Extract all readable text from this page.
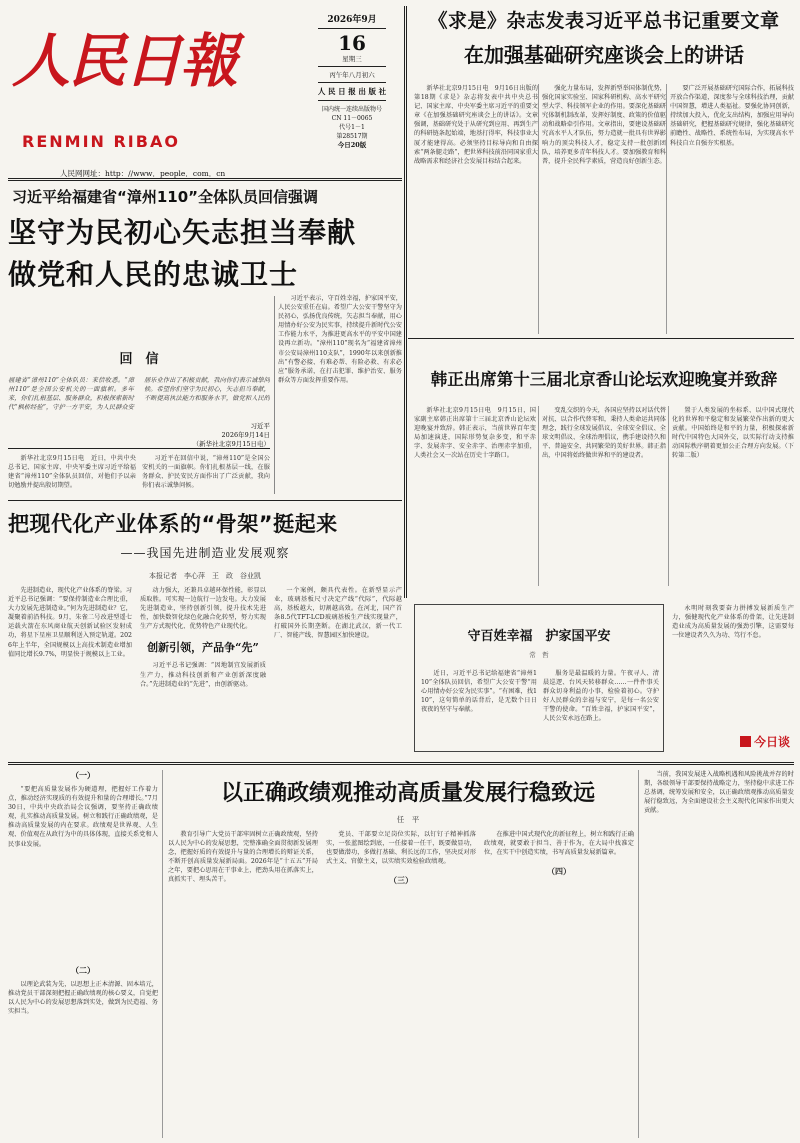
人民日報
RENMIN RIBAO
人民网网址：http：//www．people．com．cn
2026年9月
16
星期三
丙午年八月初六
人 民 日 报 出 版 社
国内统一连续出版物号
CN 11－0065
代号1－1
第28517期
今日20版
《求是》杂志发表习近平总书记重要文章
在加强基础研究座谈会上的讲话

新华社北京9月15日电　9月16日出版的第18期《求是》杂志将发表中共中央总书记、国家主席、中央军委主席习近平的重要文章《在加强基础研究座谈会上的讲话》。文章强调，基础研究处于从研究到应用、再到生产的科研链条起始端，地基打得牢，科技事业大厦才能建得高。必须坚持目标导向和自由探索“两条腿走路”，把世界科技前沿同国家重大战略需求和经济社会发展目标结合起来。

强化力量布局，发挥新型举国体制优势，强化国家实验室、国家科研机构、高水平研究型大学、科技领军企业的作用。要深化基础研究体制机制改革，发挥好制度、政策的价值驱动和战略牵引作用。文章指出，要建设基础研究高水平人才队伍，努力造就一批具有世界影响力的顶尖科技人才，稳定支持一批创新团队，培养更多青年科技人才。要加强教育和科普，提升全民科学素质，营造良好创新生态。

要广泛开展基础研究国际合作，拓展科技开放合作渠道，深度参与全球科技治理，贡献中国智慧，增进人类福祉。要强化协同创新，持续加大投入，优化支出结构，加强应用导向基础研究，把握基础研究规律，强化基础研究前瞻性、战略性、系统性布局，为实现高水平科技自立自强夯实根基。

习近平给福建省“漳州110”全体队员回信强调
坚守为民初心矢志担当奉献
做党和人民的忠诚卫士
回　信
福建省“漳州110”全体队员：来信收悉。“漳州110”是全国公安机关的一面旗帜。多年来，你们扎根基层、服务群众，积极探索新时代“枫桥经验”，守护一方平安，为人民群众安居乐业作出了积极贡献，我向你们表示诚挚问候。希望你们坚守为民初心，矢志担当奉献，不断提高执法能力和服务水平，做党和人民的
习近平
2026年9月14日
（新华社北京9月15日电）

新华社北京9月15日电　近日，中共中央总书记、国家主席、中央军委主席习近平给福建省“漳州110”全体队员回信，对他们予以亲切勉励并提出殷切期望。

习近平在回信中说，“漳州110”是全国公安机关的一面旗帜。你们扎根基层一线，在服务群众、护民安民方面作出了广泛贡献，我向你们表示诚挚问候。

习近平表示，守百姓幸福，护家国平安，人民公安重任在肩。希望广大公安干警坚守为民初心，弘扬优良传统，矢志担当奉献，用心用情办好公安为民实事，持续提升新时代公安工作能力水平，为推进更高水平的平安中国建设再立新功。“漳州110”现名为“福建省漳州市公安局漳州110支队”，1990年以来创新推出“有警必接、有难必帮、有险必救、有求必应”服务承诺，在打击犯罪、维护治安、服务群众等方面发挥重要作用。

把现代化产业体系的“骨架”挺起来
——我国先进制造业发展观察
本报记者　李心萍　王　政　谷业凯

先进制造业，现代化产业体系的脊梁。习近平总书记强调：“要保持制造业合理比重，大力发展先进制造业。”何为先进制造业？它，凝聚着前沿科技。9月，朱雀二号改进型遥七运载火箭在东风商业航天创新试验区发射成功，将星下星座卫星顺利送入预定轨道。2026年上半年，全国规模以上高技术制造业增加值同比增长9.7%，明显快于规模以上工业。

动力强大，还兼具卓越环保性能，彰显以质取胜。可实现一边航行一边发电。大力发展先进制造业，坚持创新引领，提升技术先进性，加快数智化绿色化融合化转型，努力实现生产方式现代化、优势特色产业现代化。

创新引领，产品争“先”

习近平总书记强调：“因地制宜发展新质生产力，推动科技创新和产业创新深度融合。”先进制造业的“先进”，由创新驱动。

一个案例，颇具代表性。在新型显示产业，玻璃基板尺寸决定产线“代际”，代际越高，基板越大，切割越高效。在河北，国产首条8.5代TFT-LCD玻璃基板生产线实现量产，打破国外长期垄断。在湖北武汉，新一代工厂、智能产线、智慧园区加快建设。

韩正出席第十三届北京香山论坛欢迎晚宴并致辞

新华社北京9月15日电　9月15日，国家副主席韩正出席第十三届北京香山论坛欢迎晚宴并致辞。韩正表示，当前世界百年变局加速演进，国际形势复杂多变，和平赤字、发展赤字、安全赤字、治理赤字加重，人类社会又一次站在历史十字路口。

变乱交织的今天，各国应坚持以对话代替对抗、以合作代替零和，秉持人类命运共同体理念，践行全球发展倡议、全球安全倡议、全球文明倡议、全球治理倡议，携手建设持久和平、普遍安全、共同繁荣的美好世界。韩正指出，中国将始终做世界和平的建设者。

置于人类发展的坐标系、以中国式现代化的世界和平稳定和发展繁荣作出新的更大贡献。中国始终是和平的力量，积极探索新时代中国特色大国外交，以实际行动支持推动国际秩序朝着更加公正合理方向发展。（下转第二版）

守百姓幸福　护家国平安
常　哲

近日，习近平总书记给福建省“漳州110”全体队员回信，希望广大公安干警“用心用情办好公安为民实事”。“有困难，找110”，这句简单的话背后，是无数个日日夜夜的坚守与奉献。

服务是最温暖的力量。午夜寻人、清晨巡逻、台风天转移群众……一件件事关群众切身利益的小事，检验着初心。守护好人民群众的幸福与安宁，是每一名公安干警的使命。“百姓幸福，护家国平安”，人民公安永远在路上。

永明时刻我要奋力拼搏发展新质生产力，强健现代化产业体系的骨架，让先进制造业成为高质量发展的强劲引擎，这需要每一位建设者久久为功、笃行不怠。

今日谈
（一）

“要把高质量发展作为硬道理，把握好工作着力点，推动经济实现质的有效提升和量的合理增长。”7月30日，中共中央政治局会议强调，要坚持正确政绩观，扎实推动高质量发展。树立和践行正确政绩观，是推动高质量发展的内在要求。政绩观是世界观、人生观、价值观在从政行为中的具体体现，直接关系党和人民事业发展。

（二）

以理论武装为先，以思想上正本清源、固本培元，推动党员干部深刻把握正确政绩观的核心要义，自觉把以人民为中心的发展思想落到实处，做到为民造福、务实担当。

以正确政绩观推动高质量发展行稳致远
任　平

教育引导广大党员干部牢固树立正确政绩观，坚持以人民为中心的发展思想，完整准确全面贯彻新发展理念，把握好质的有效提升与量的合理增长的辩证关系，不断开创高质量发展新局面。2026年是“十五五”开局之年，要把心思用在干事业上，把劲头用在抓落实上，真抓实干、埋头苦干。

党员、干部要立足岗位实际，以钉钉子精神抓落实，一张蓝图绘到底，一任接着一任干，既要做显功，也要做潜功，多做打基础、利长远的工作，坚决反对形式主义、官僚主义，以实绩实效检验政绩观。

（三）

在推进中国式现代化的新征程上，树立和践行正确政绩观，就要敢于担当、善于作为，在大局中找准定位，在实干中创造实绩，书写高质量发展新篇章。

（四）

当前，我国发展进入战略机遇和风险挑战并存的时期，各级领导干部要保持战略定力，坚持稳中求进工作总基调，统筹发展和安全，以正确政绩观推动高质量发展行稳致远，为全面建设社会主义现代化国家作出更大贡献。
